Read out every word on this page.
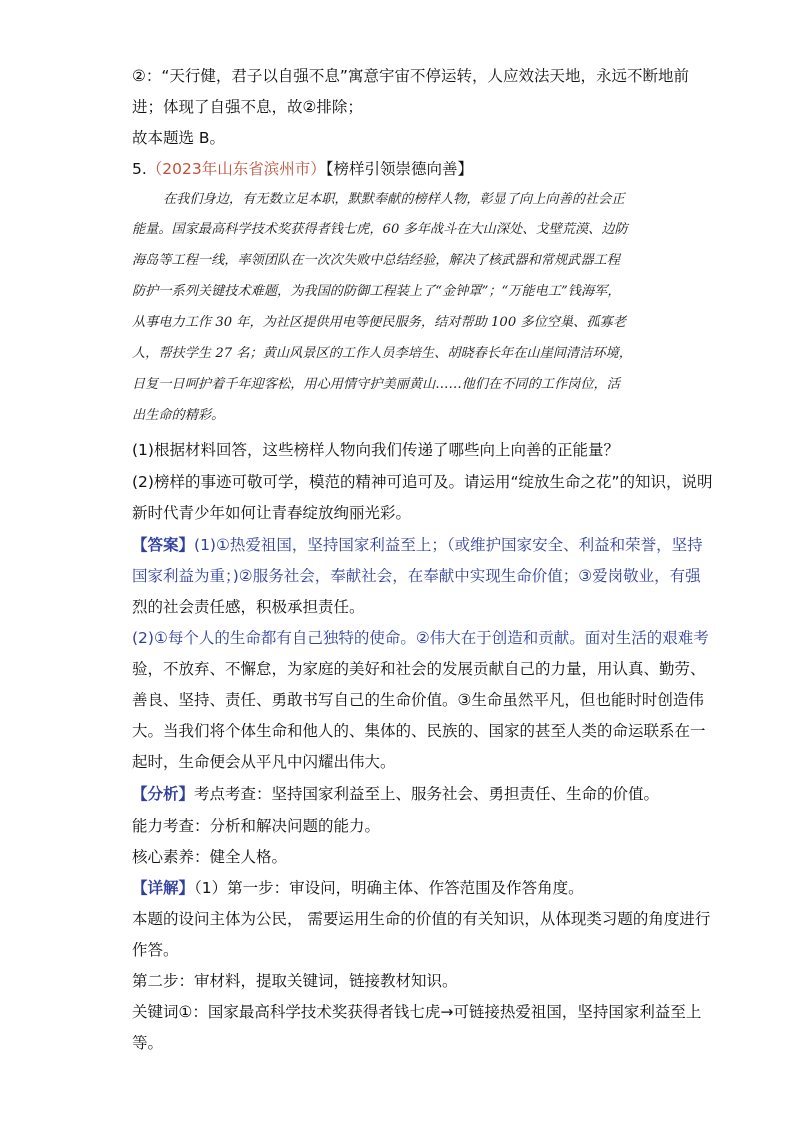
②：“天行健，君子以自强不息”寓意宇宙不停运转，人应效法天地，永远不断地前
进；体现了自强不息，故②排除；
故本题选 B。
5.（2023年山东省滨州市）【榜样引领崇德向善】
在我们身边，有无数立足本职，默默奉献的榜样人物，彰显了向上向善的社会正
能量。国家最高科学技术奖获得者钱七虎，60 多年战斗在大山深处、戈壁荒漠、边防
海岛等工程一线，率领团队在一次次失败中总结经验，解决了核武器和常规武器工程
防护一系列关键技术难题，为我国的防御工程装上了“金钟罩”；“万能电工”钱海军，
从事电力工作 30 年，为社区提供用电等便民服务，结对帮助 100 多位空巢、孤寡老
人，帮扶学生 27 名；黄山风景区的工作人员李培生、胡晓春长年在山崖间清洁环境，
日复一日呵护着千年迎客松，用心用情守护美丽黄山……他们在不同的工作岗位，活
出生命的精彩。
(1)根据材料回答，这些榜样人物向我们传递了哪些向上向善的正能量？
(2)榜样的事迹可敬可学，模范的精神可追可及。请运用“绽放生命之花”的知识，说明
新时代青少年如何让青春绽放绚丽光彩。
【答案】(1)①热爱祖国，坚持国家利益至上；（或维护国家安全、利益和荣誉，坚持
国家利益为重；)②服务社会，奉献社会，在奉献中实现生命价值；③爱岗敬业，有强
烈的社会责任感，积极承担责任。
(2)①每个人的生命都有自己独特的使命。②伟大在于创造和贡献。面对生活的艰难考
验，不放弃、不懈怠，为家庭的美好和社会的发展贡献自己的力量，用认真、勤劳、
善良、坚持、责任、勇敢书写自己的生命价值。③生命虽然平凡，但也能时时创造伟
大。当我们将个体生命和他人的、集体的、民族的、国家的甚至人类的命运联系在一
起时，生命便会从平凡中闪耀出伟大。
【分析】考点考查：坚持国家利益至上、服务社会、勇担责任、生命的价值。
能力考查：分析和解决问题的能力。
核心素养：健全人格。
【详解】（1）第一步：审设问，明确主体、作答范围及作答角度。
本题的设问主体为公民， 需要运用生命的价值的有关知识，从体现类习题的角度进行
作答。
第二步：审材料，提取关键词，链接教材知识。
关键词①：国家最高科学技术奖获得者钱七虎→可链接热爱祖国，坚持国家利益至上
等。
